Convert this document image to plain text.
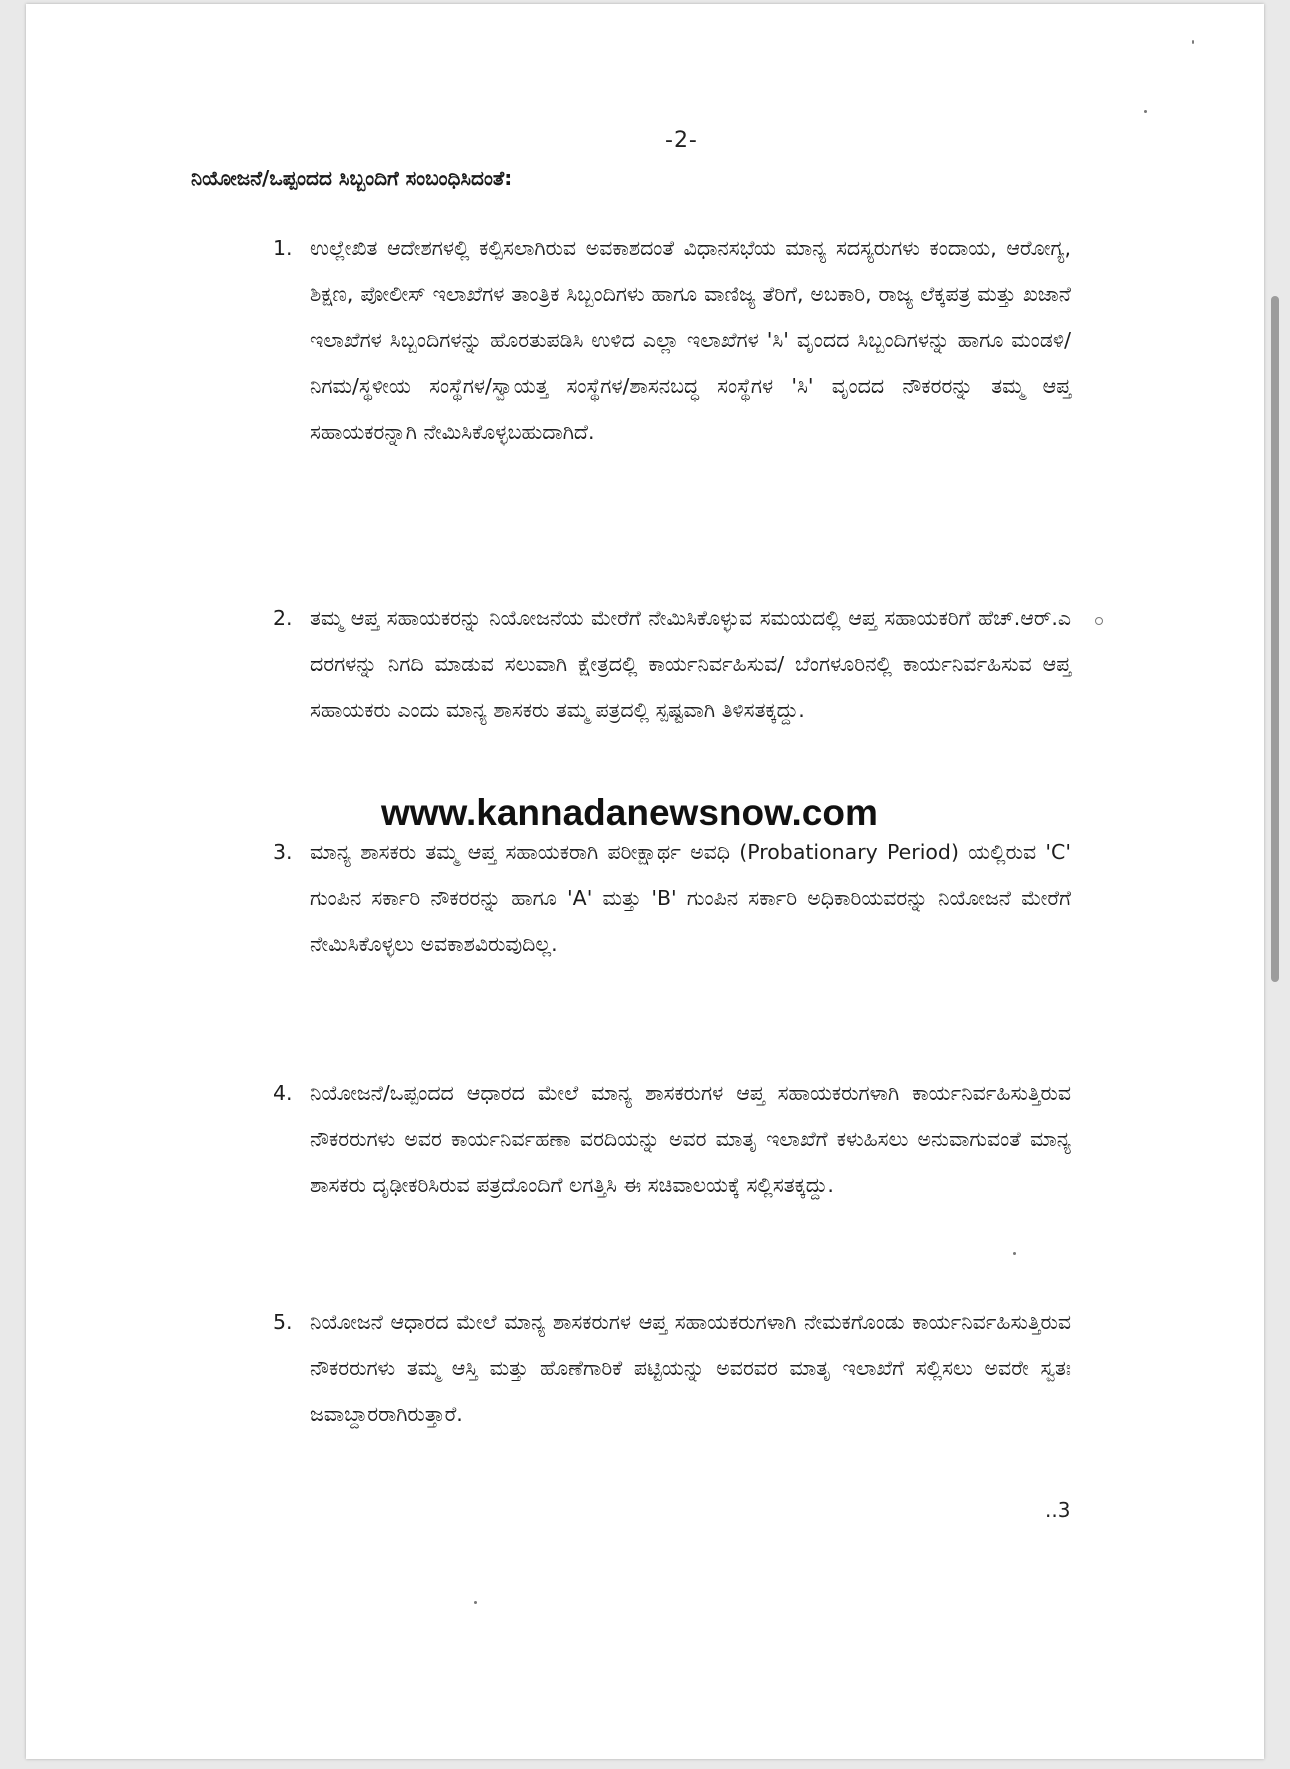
-2-
ನಿಯೋಜನೆ/ಒಪ್ಪಂದದ ಸಿಬ್ಬಂದಿಗೆ ಸಂಬಂಧಿಸಿದಂತೆ:
1. ಉಲ್ಲೇಖಿತ ಆದೇಶಗಳಲ್ಲಿ ಕಲ್ಪಿಸಲಾಗಿರುವ ಅವಕಾಶದಂತೆ ವಿಧಾನಸಭೆಯ ಮಾನ್ಯ ಸದಸ್ಯರುಗಳು ಕಂದಾಯ, ಆರೋಗ್ಯ, ಶಿಕ್ಷಣ, ಪೋಲೀಸ್ ಇಲಾಖೆಗಳ ತಾಂತ್ರಿಕ ಸಿಬ್ಬಂದಿಗಳು ಹಾಗೂ ವಾಣಿಜ್ಯ ತೆರಿಗೆ, ಅಬಕಾರಿ, ರಾಜ್ಯ ಲೆಕ್ಕಪತ್ರ ಮತ್ತು ಖಜಾನೆ ಇಲಾಖೆಗಳ ಸಿಬ್ಬಂದಿಗಳನ್ನು ಹೊರತುಪಡಿಸಿ ಉಳಿದ ಎಲ್ಲಾ ಇಲಾಖೆಗಳ 'ಸಿ' ವೃಂದದ ಸಿಬ್ಬಂದಿಗಳನ್ನು ಹಾಗೂ ಮಂಡಳಿ/ನಿಗಮ/ಸ್ಥಳೀಯ ಸಂಸ್ಥೆಗಳ/ಸ್ವಾಯತ್ತ ಸಂಸ್ಥೆಗಳ/ಶಾಸನಬದ್ಧ ಸಂಸ್ಥೆಗಳ 'ಸಿ' ವೃಂದದ ನೌಕರರನ್ನು ತಮ್ಮ ಆಪ್ತ ಸಹಾಯಕರನ್ನಾಗಿ ನೇಮಿಸಿಕೊಳ್ಳಬಹುದಾಗಿದೆ.
2. ತಮ್ಮ ಆಪ್ತ ಸಹಾಯಕರನ್ನು ನಿಯೋಜನೆಯ ಮೇರೆಗೆ ನೇಮಿಸಿಕೊಳ್ಳುವ ಸಮಯದಲ್ಲಿ ಆಪ್ತ ಸಹಾಯಕರಿಗೆ ಹೆಚ್.ಆರ್.ಎ ದರಗಳನ್ನು ನಿಗದಿ ಮಾಡುವ ಸಲುವಾಗಿ ಕ್ಷೇತ್ರದಲ್ಲಿ ಕಾರ್ಯನಿರ್ವಹಿಸುವ/ ಬೆಂಗಳೂರಿನಲ್ಲಿ ಕಾರ್ಯನಿರ್ವಹಿಸುವ ಆಪ್ತ ಸಹಾಯಕರು ಎಂದು ಮಾನ್ಯ ಶಾಸಕರು ತಮ್ಮ ಪತ್ರದಲ್ಲಿ ಸ್ಪಷ್ಟವಾಗಿ ತಿಳಿಸತಕ್ಕದ್ದು.
www.kannadanewsnow.com
3. ಮಾನ್ಯ ಶಾಸಕರು ತಮ್ಮ ಆಪ್ತ ಸಹಾಯಕರಾಗಿ ಪರೀಕ್ಷಾರ್ಥ ಅವಧಿ (Probationary Period) ಯಲ್ಲಿರುವ 'C' ಗುಂಪಿನ ಸರ್ಕಾರಿ ನೌಕರರನ್ನು ಹಾಗೂ 'A' ಮತ್ತು 'B' ಗುಂಪಿನ ಸರ್ಕಾರಿ ಅಧಿಕಾರಿಯವರನ್ನು ನಿಯೋಜನೆ ಮೇರೆಗೆ ನೇಮಿಸಿಕೊಳ್ಳಲು ಅವಕಾಶವಿರುವುದಿಲ್ಲ.
4. ನಿಯೋಜನೆ/ಒಪ್ಪಂದದ ಆಧಾರದ ಮೇಲೆ ಮಾನ್ಯ ಶಾಸಕರುಗಳ ಆಪ್ತ ಸಹಾಯಕರುಗಳಾಗಿ ಕಾರ್ಯನಿರ್ವಹಿಸುತ್ತಿರುವ ನೌಕರರುಗಳು ಅವರ ಕಾರ್ಯನಿರ್ವಹಣಾ ವರದಿಯನ್ನು ಅವರ ಮಾತೃ ಇಲಾಖೆಗೆ ಕಳುಹಿಸಲು ಅನುವಾಗುವಂತೆ ಮಾನ್ಯ ಶಾಸಕರು ದೃಢೀಕರಿಸಿರುವ ಪತ್ರದೊಂದಿಗೆ ಲಗತ್ತಿಸಿ ಈ ಸಚಿವಾಲಯಕ್ಕೆ ಸಲ್ಲಿಸತಕ್ಕದ್ದು.
5. ನಿಯೋಜನೆ ಆಧಾರದ ಮೇಲೆ ಮಾನ್ಯ ಶಾಸಕರುಗಳ ಆಪ್ತ ಸಹಾಯಕರುಗಳಾಗಿ ನೇಮಕಗೊಂಡು ಕಾರ್ಯನಿರ್ವಹಿಸುತ್ತಿರುವ ನೌಕರರುಗಳು ತಮ್ಮ ಆಸ್ತಿ ಮತ್ತು ಹೊಣೆಗಾರಿಕೆ ಪಟ್ಟಿಯನ್ನು ಅವರವರ ಮಾತೃ ಇಲಾಖೆಗೆ ಸಲ್ಲಿಸಲು ಅವರೇ ಸ್ವತಃ ಜವಾಬ್ದಾರರಾಗಿರುತ್ತಾರೆ.
..3
